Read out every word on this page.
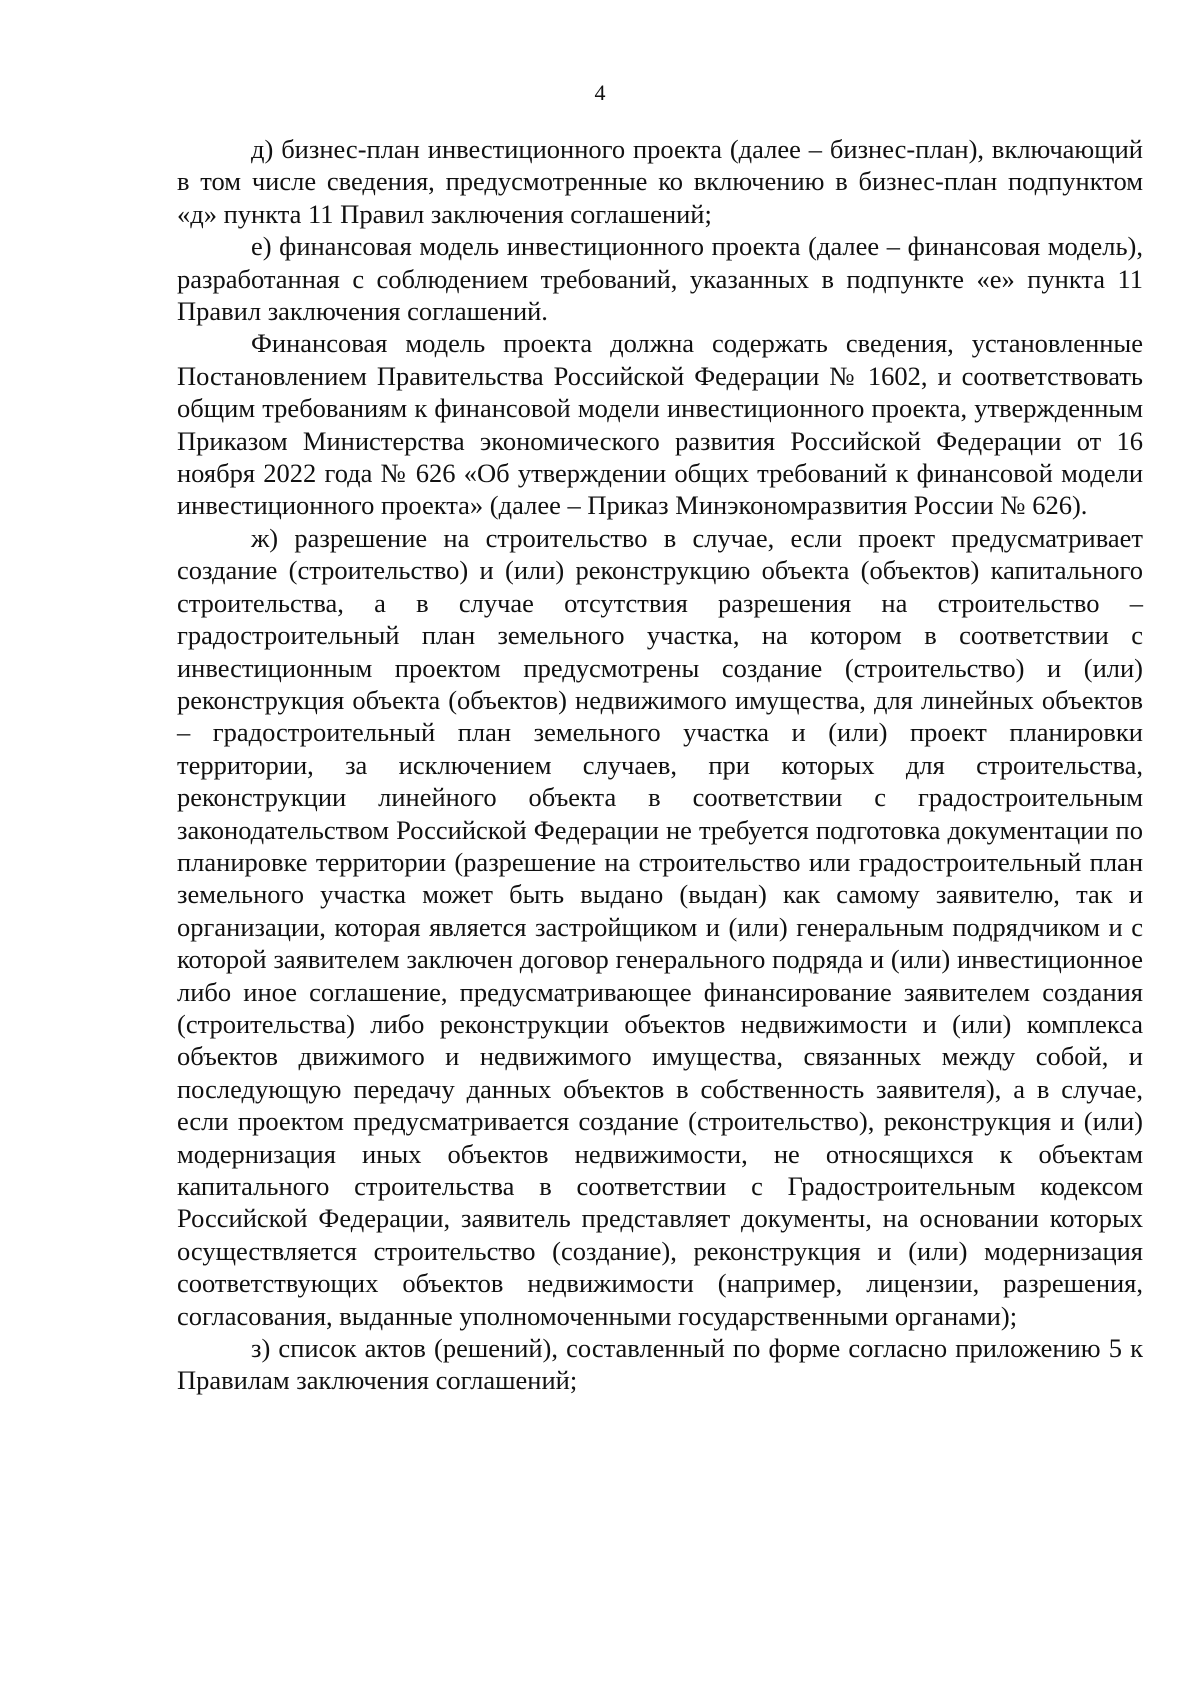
4

д) бизнес-план инвестиционного проекта (далее – бизнес-план), включающий в том числе сведения, предусмотренные ко включению в бизнес-план подпунктом «д» пункта 11 Правил заключения соглашений;

е) финансовая модель инвестиционного проекта (далее – финансовая модель), разработанная с соблюдением требований, указанных в подпункте «е» пункта 11 Правил заключения соглашений.

Финансовая модель проекта должна содержать сведения, установленные Постановлением Правительства Российской Федерации № 1602, и соответствовать общим требованиям к финансовой модели инвестиционного проекта, утвержденным Приказом Министерства экономического развития Российской Федерации от 16 ноября 2022 года № 626 «Об утверждении общих требований к финансовой модели инвестиционного проекта» (далее – Приказ Минэкономразвития России № 626).

ж) разрешение на строительство в случае, если проект предусматривает создание (строительство) и (или) реконструкцию объекта (объектов) капитального строительства, а в случае отсутствия разрешения на строительство – градостроительный план земельного участка, на котором в соответствии с инвестиционным проектом предусмотрены создание (строительство) и (или) реконструкция объекта (объектов) недвижимого имущества, для линейных объектов – градостроительный план земельного участка и (или) проект планировки территории, за исключением случаев, при которых для строительства, реконструкции линейного объекта в соответствии с градостроительным законодательством Российской Федерации не требуется подготовка документации по планировке территории (разрешение на строительство или градостроительный план земельного участка может быть выдано (выдан) как самому заявителю, так и организации, которая является застройщиком и (или) генеральным подрядчиком и с которой заявителем заключен договор генерального подряда и (или) инвестиционное либо иное соглашение, предусматривающее финансирование заявителем создания (строительства) либо реконструкции объектов недвижимости и (или) комплекса объектов движимого и недвижимого имущества, связанных между собой, и последующую передачу данных объектов в собственность заявителя), а в случае, если проектом предусматривается создание (строительство), реконструкция и (или) модернизация иных объектов недвижимости, не относящихся к объектам капитального строительства в соответствии с Градостроительным кодексом Российской Федерации, заявитель представляет документы, на основании которых осуществляется строительство (создание), реконструкция и (или) модернизация соответствующих объектов недвижимости (например, лицензии, разрешения, согласования, выданные уполномоченными государственными органами);

з) список актов (решений), составленный по форме согласно приложению 5 к Правилам заключения соглашений;
